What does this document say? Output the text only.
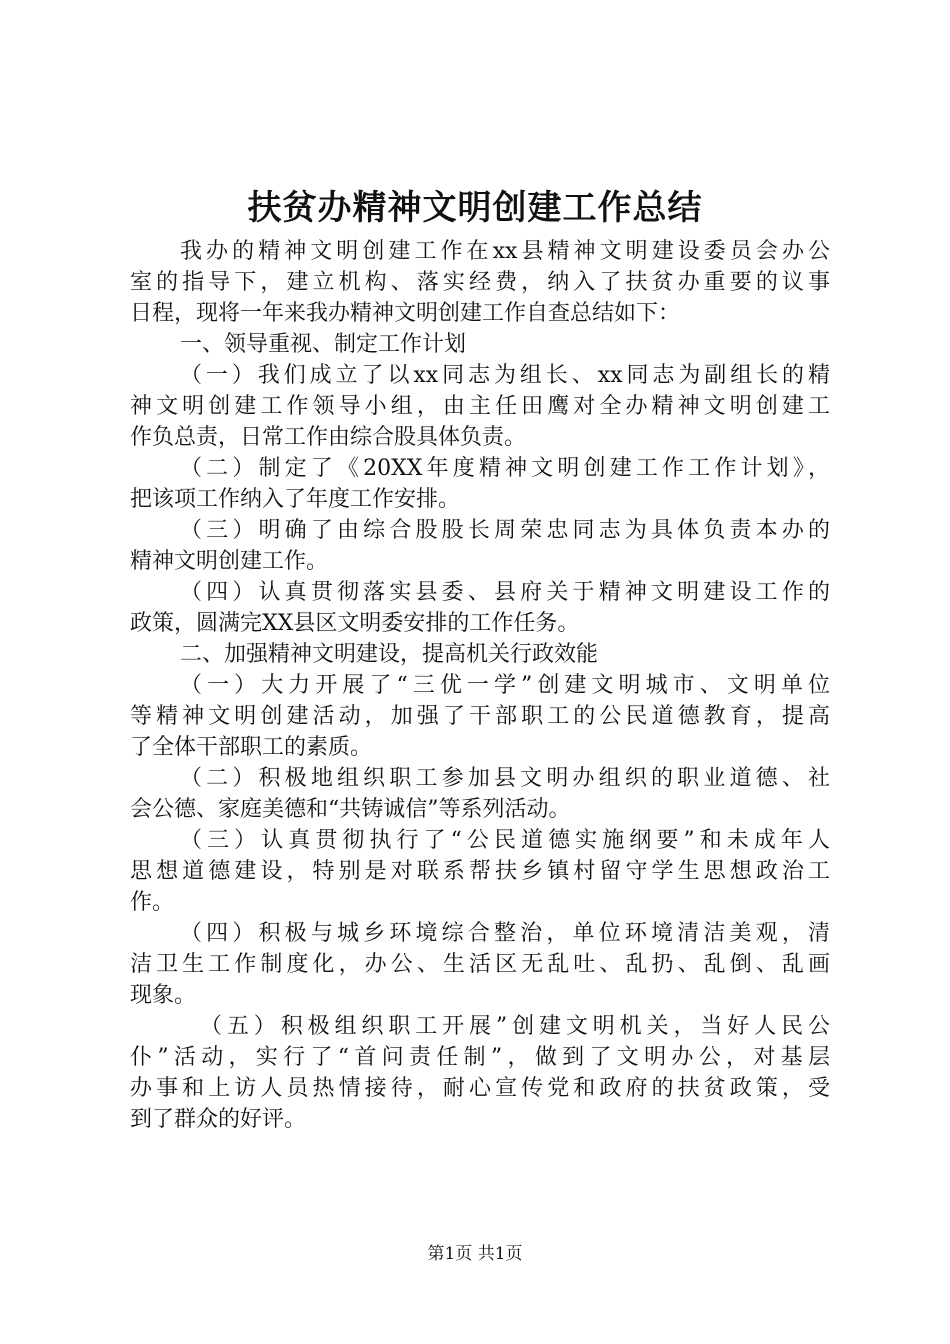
扶贫办精神文明创建工作总结
我办的精神文明创建工作在xx县精神文明建设委员会办公
室的指导下，建立机构、落实经费，纳入了扶贫办重要的议事
日程，现将一年来我办精神文明创建工作自查总结如下：
一、领导重视、制定工作计划
（一）我们成立了以xx同志为组长、xx同志为副组长的精
神文明创建工作领导小组，由主任田鹰对全办精神文明创建工
作负总责，日常工作由综合股具体负责。
（二）制定了《20XX年度精神文明创建工作工作计划》，
把该项工作纳入了年度工作安排。
（三）明确了由综合股股长周荣忠同志为具体负责本办的
精神文明创建工作。
（四）认真贯彻落实县委、县府关于精神文明建设工作的
政策，圆满完XX县区文明委安排的工作任务。
二、加强精神文明建设，提高机关行政效能
（一）大力开展了“三优一学”创建文明城市、文明单位
等精神文明创建活动，加强了干部职工的公民道德教育，提高
了全体干部职工的素质。
（二）积极地组织职工参加县文明办组织的职业道德、社
会公德、家庭美德和“共铸诚信”等系列活动。
（三）认真贯彻执行了“公民道德实施纲要”和未成年人
思想道德建设，特别是对联系帮扶乡镇村留守学生思想政治工
作。
（四）积极与城乡环境综合整治，单位环境清洁美观，清
洁卫生工作制度化，办公、生活区无乱吐、乱扔、乱倒、乱画
现象。
（五）积极组织职工开展”创建文明机关，当好人民公
仆”活动，实行了“首问责任制”，做到了文明办公，对基层
办事和上访人员热情接待，耐心宣传党和政府的扶贫政策，受
到了群众的好评。
第1页 共1页
